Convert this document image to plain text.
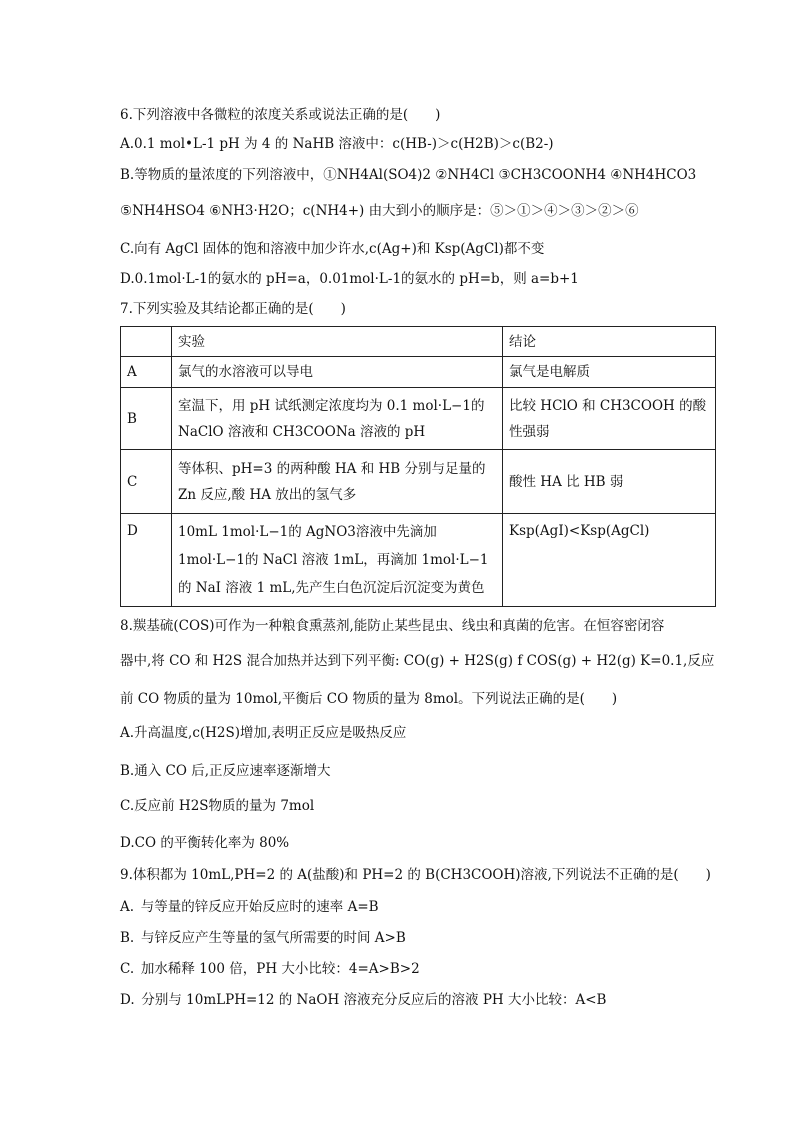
6.下列溶液中各微粒的浓度关系或说法正确的是(  )
A.0.1 mol•L-1 pH 为 4 的 NaHB 溶液中：c(HB-)＞c(H2B)＞c(B2-)
B.等物质的量浓度的下列溶液中，①NH4Al(SO4)2 ②NH4Cl ③CH3COONH4 ④NH4HCO3
⑤NH4HSO4 ⑥NH3·H2O；c(NH4+) 由大到小的顺序是：⑤＞①＞④＞③＞②＞⑥
C.向有 AgCl 固体的饱和溶液中加少许水,c(Ag+)和 Ksp(AgCl)都不变
D.0.1mol·L-1的氨水的 pH=a，0.01mol·L-1的氨水的 pH=b，则 a=b+1
7.下列实验及其结论都正确的是(  )
	实验	结论
A	氯气的水溶液可以导电	氯气是电解质
B	室温下，用 pH 试纸测定浓度均为 0.1 mol·L−1的 NaClO 溶液和 CH3COONa 溶液的 pH	比较 HClO 和 CH3COOH 的酸性强弱
C	等体积、pH=3 的两种酸 HA 和 HB 分别与足量的 Zn 反应,酸 HA 放出的氢气多	酸性 HA 比 HB 弱
D	10mL 1mol·L−1的 AgNO3溶液中先滴加 1mol·L−1的 NaCl 溶液 1mL，再滴加 1mol·L−1的 NaI 溶液 1 mL,先产生白色沉淀后沉淀变为黄色	Ksp(AgI)<Ksp(AgCl)
8.羰基硫(COS)可作为一种粮食熏蒸剂,能防止某些昆虫、线虫和真菌的危害。在恒容密闭容
器中,将 CO 和 H2S 混合加热并达到下列平衡: CO(g) + H2S(g) f COS(g) + H2(g) K=0.1,反应
前 CO 物质的量为 10mol,平衡后 CO 物质的量为 8mol。下列说法正确的是(  )
A.升高温度,c(H2S)增加,表明正反应是吸热反应
B.通入 CO 后,正反应速率逐渐增大
C.反应前 H2S物质的量为 7mol
D.CO 的平衡转化率为 80%
9.体积都为 10mL,PH=2 的 A(盐酸)和 PH=2 的 B(CH3COOH)溶液,下列说法不正确的是(  )
A. 与等量的锌反应开始反应时的速率 A=B
B. 与锌反应产生等量的氢气所需要的时间 A>B
C. 加水稀释 100 倍，PH 大小比较：4=A>B>2
D. 分别与 10mLPH=12 的 NaOH 溶液充分反应后的溶液 PH 大小比较：A<B
